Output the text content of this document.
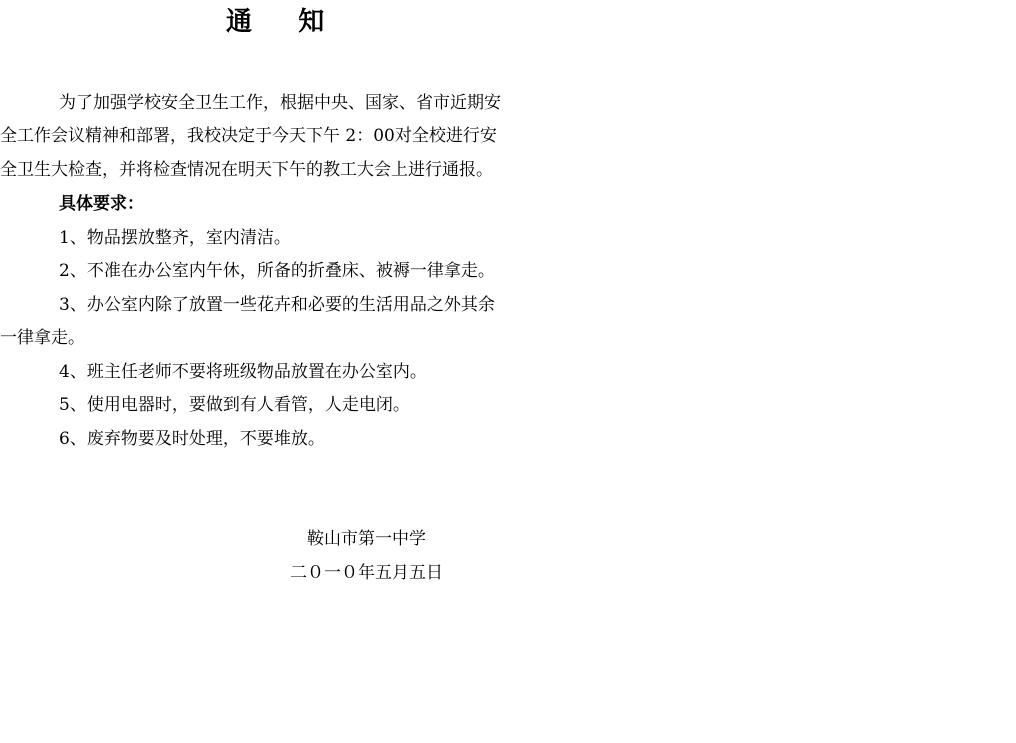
通    知
为了加强学校安全卫生工作，根据中央、国家、省市近期安
全工作会议精神和部署，我校决定于今天下午 2：00对全校进行安
全卫生大检查，并将检查情况在明天下午的教工大会上进行通报。
具体要求：
1、物品摆放整齐，室内清洁。
2、不准在办公室内午休，所备的折叠床、被褥一律拿走。
3、办公室内除了放置一些花卉和必要的生活用品之外其余
一律拿走。
4、班主任老师不要将班级物品放置在办公室内。
5、使用电器时，要做到有人看管，人走电闭。
6、废弃物要及时处理，不要堆放。
鞍山市第一中学
二０一０年五月五日
